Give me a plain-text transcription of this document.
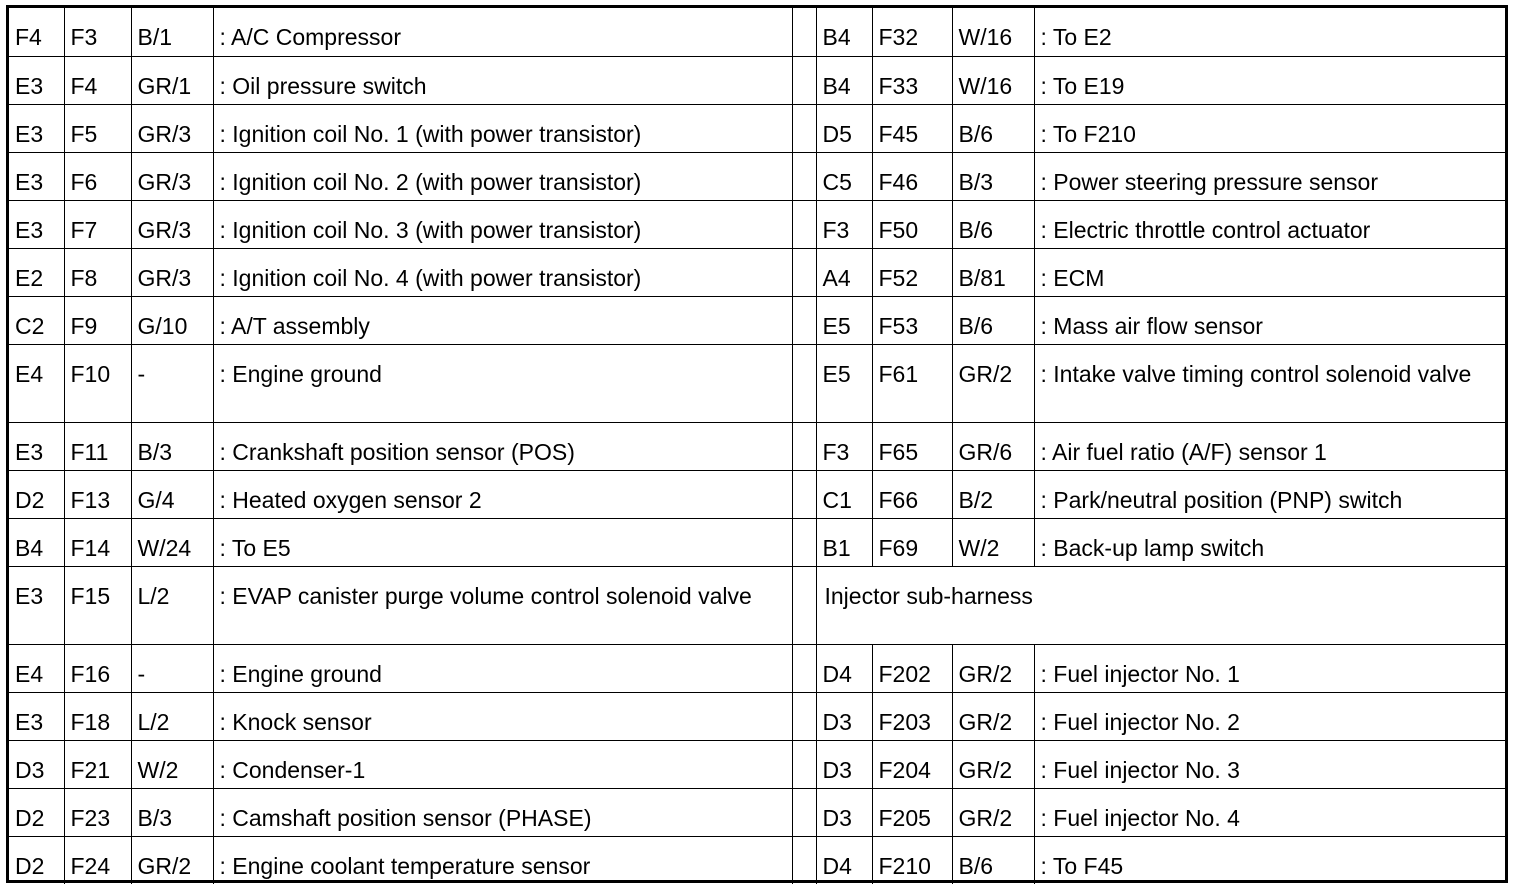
F4	F3	B/1	: A/C Compressor		B4	F32	W/16	: To E2
E3	F4	GR/1	: Oil pressure switch		B4	F33	W/16	: To E19
E3	F5	GR/3	: Ignition coil No. 1 (with power transistor)		D5	F45	B/6	: To F210
E3	F6	GR/3	: Ignition coil No. 2 (with power transistor)		C5	F46	B/3	: Power steering pressure sensor
E3	F7	GR/3	: Ignition coil No. 3 (with power transistor)		F3	F50	B/6	: Electric throttle control actuator
E2	F8	GR/3	: Ignition coil No. 4 (with power transistor)		A4	F52	B/81	: ECM
C2	F9	G/10	: A/T assembly		E5	F53	B/6	: Mass air flow sensor
E4	F10	-	: Engine ground		E5	F61	GR/2	: Intake valve timing control solenoid valve
E3	F11	B/3	: Crankshaft position sensor (POS)		F3	F65	GR/6	: Air fuel ratio (A/F) sensor 1
D2	F13	G/4	: Heated oxygen sensor 2		C1	F66	B/2	: Park/neutral position (PNP) switch
B4	F14	W/24	: To E5		B1	F69	W/2	: Back-up lamp switch
E3	F15	L/2	: EVAP canister purge volume control solenoid valve		Injector sub-harness			
E4	F16	-	: Engine ground		D4	F202	GR/2	: Fuel injector No. 1
E3	F18	L/2	: Knock sensor		D3	F203	GR/2	: Fuel injector No. 2
D3	F21	W/2	: Condenser-1		D3	F204	GR/2	: Fuel injector No. 3
D2	F23	B/3	: Camshaft position sensor (PHASE)		D3	F205	GR/2	: Fuel injector No. 4
D2	F24	GR/2	: Engine coolant temperature sensor		D4	F210	B/6	: To F45
